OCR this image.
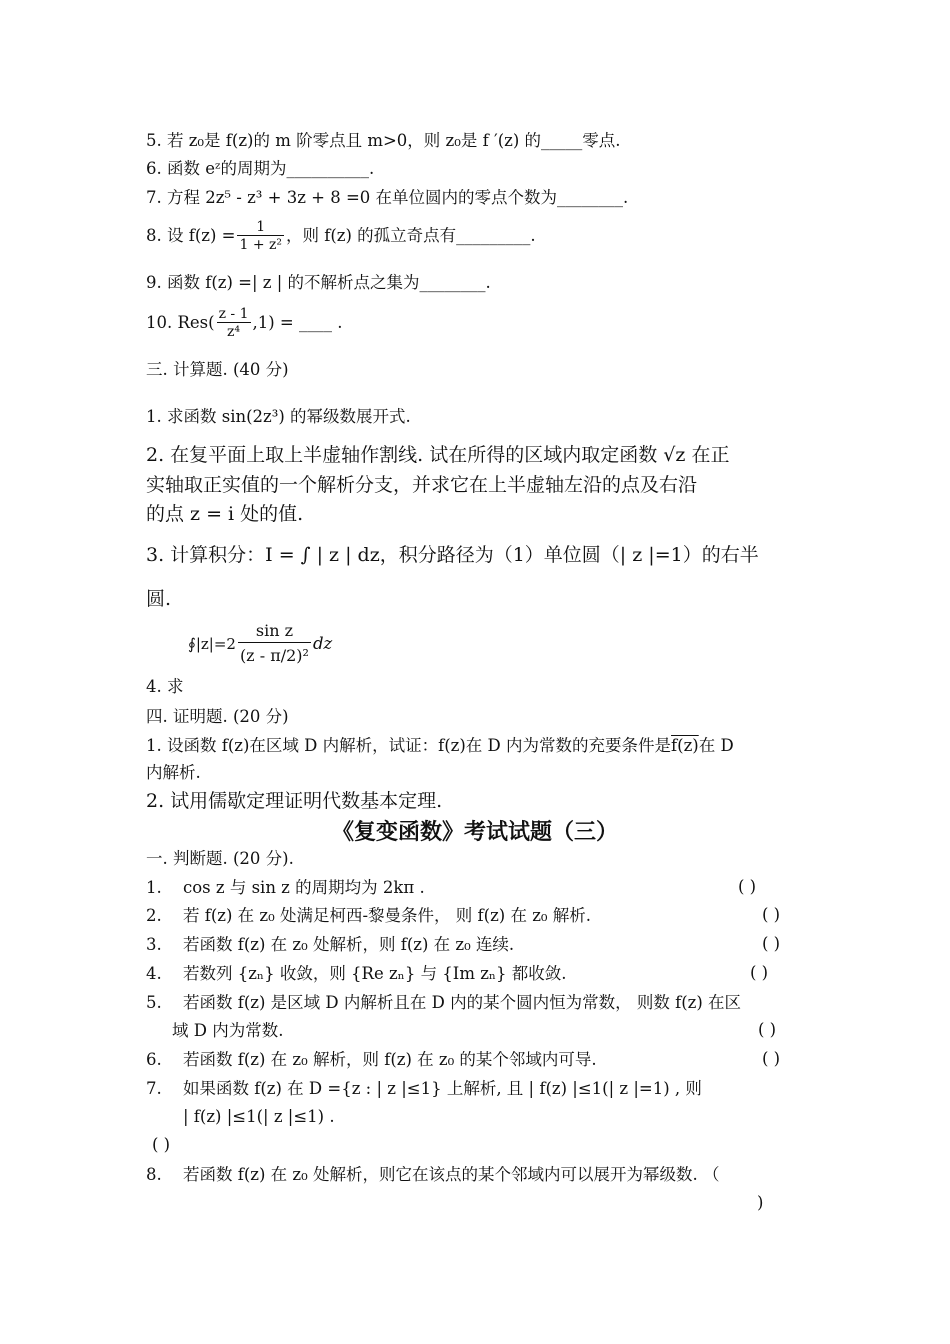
5. 若 z₀是 f(z)的 m 阶零点且 m>0，则 z₀是 f ′(z) 的_____零点.
6. 函数 eᶻ的周期为__________.
7. 方程 2z⁵ - z³ + 3z + 8 =0 在单位圆内的零点个数为________.
8. 设 $f(z) = \frac{1}{\text{1 + z²}}$ ，则 f(z) 的孤立奇点有_________.
9. 函数 f(z) =| z | 的不解析点之集为________.
10. $Res( \frac{z - 1}{\text{z⁴}} ,1)$ = ____ .
三. 计算题. (40 分)
1. 求函数 sin(2z³) 的幂级数展开式.
2. 在复平面上取上半虚轴作割线. 试在所得的区域内取定函数 √z 在正
实轴取正实值的一个解析分支，并求它在上半虚轴左沿的点及右沿
的点 z = i 处的值.
3. 计算积分：I = ∫ | z | dz，积分路径为（1）单位圆（| z |=1）的右半
圆.
∮|z|=2 $\frac{\text{sin z}}{\text{(z - π/2)²}}$ dz
4. 求
四. 证明题. (20 分)
1. 设函数 f(z)在区域 D 内解析，试证：f(z)在 D 内为常数的充要条件是f(z)在 D
内解析.
2. 试用儒歇定理证明代数基本定理.
《复变函数》考试试题（三）
一. 判断题. (20 分).
1. cos z 与 sin z 的周期均为 2kπ .	( )
2. 若 f(z) 在 z₀ 处满足柯西-黎曼条件， 则 f(z) 在 z₀ 解析.	( )
3. 若函数 f(z) 在 z₀ 处解析，则 f(z) 在 z₀ 连续.	( )
4. 若数列 {zₙ} 收敛，则 {Re zₙ} 与 {Im zₙ} 都收敛.	( )
5. 若函数 f(z) 是区域 D 内解析且在 D 内的某个圆内恒为常数， 则数 f(z) 在区
域 D 内为常数.	( )
6. 若函数 f(z) 在 z₀ 解析，则 f(z) 在 z₀ 的某个邻域内可导.	( )
7. 如果函数 f(z) 在 D ={z : | z |≤1} 上解析, 且 | f(z) |≤1(| z |=1) , 则
| f(z) |≤1(| z |≤1) .
( )
8. 若函数 f(z) 在 z₀ 处解析，则它在该点的某个邻域内可以展开为幂级数. （
)
